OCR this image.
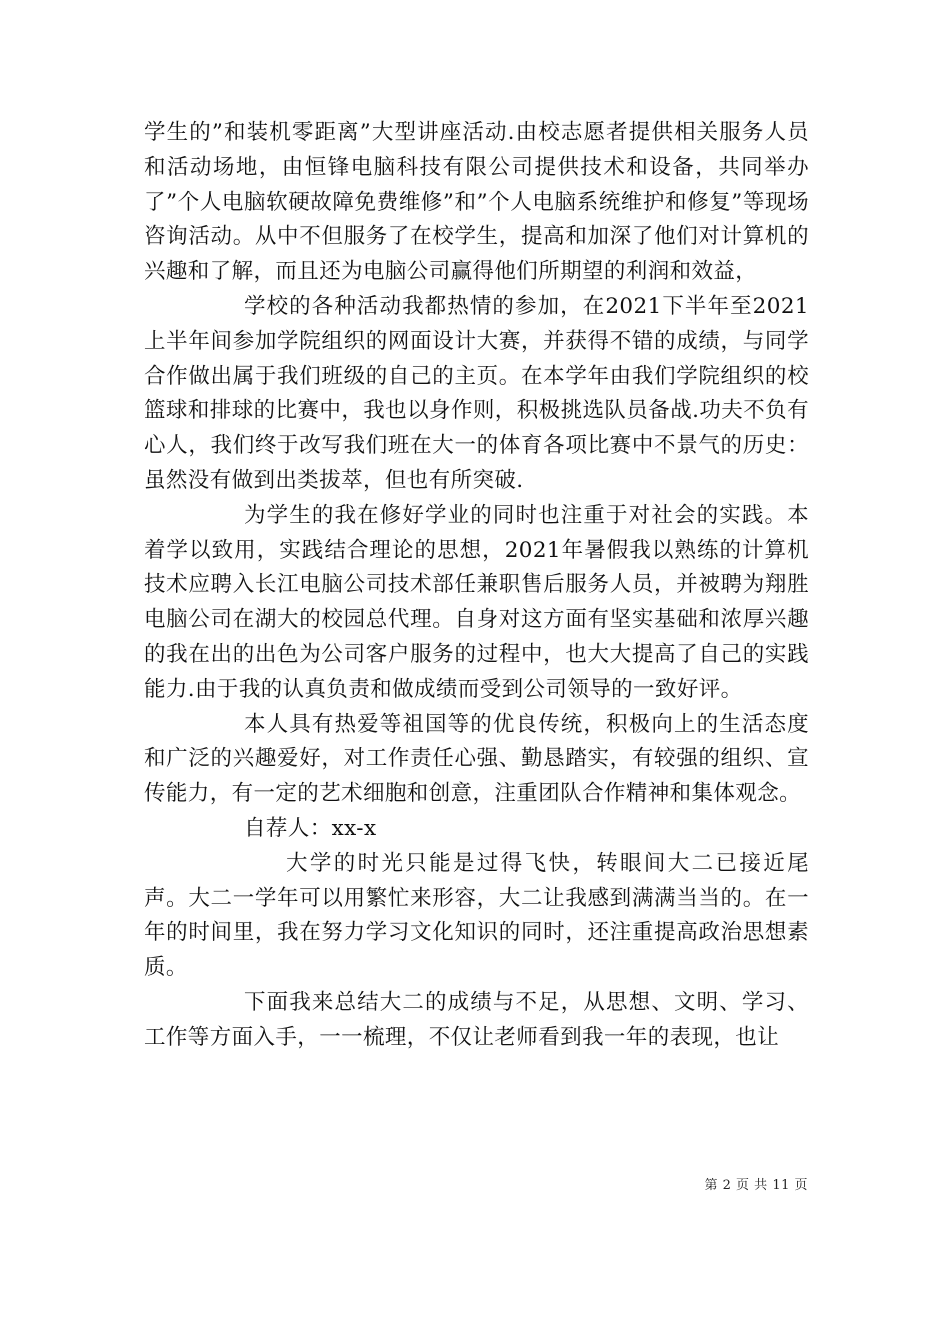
学生的”和装机零距离”大型讲座活动.由校志愿者提供相关服务人员和活动场地，由恒锋电脑科技有限公司提供技术和设备，共同举办了”个人电脑软硬故障免费维修”和”个人电脑系统维护和修复”等现场咨询活动。从中不但服务了在校学生，提高和加深了他们对计算机的兴趣和了解，而且还为电脑公司赢得他们所期望的利润和效益，

学校的各种活动我都热情的参加，在2021下半年至2021上半年间参加学院组织的网面设计大赛，并获得不错的成绩，与同学合作做出属于我们班级的自己的主页。在本学年由我们学院组织的校篮球和排球的比赛中，我也以身作则，积极挑选队员备战.功夫不负有心人，我们终于改写我们班在大一的体育各项比赛中不景气的历史：虽然没有做到出类拔萃，但也有所突破.

为学生的我在修好学业的同时也注重于对社会的实践。本着学以致用，实践结合理论的思想，2021年暑假我以熟练的计算机技术应聘入长江电脑公司技术部任兼职售后服务人员，并被聘为翔胜电脑公司在湖大的校园总代理。自身对这方面有坚实基础和浓厚兴趣的我在出的出色为公司客户服务的过程中，也大大提高了自己的实践能力.由于我的认真负责和做成绩而受到公司领导的一致好评。

本人具有热爱等祖国等的优良传统，积极向上的生活态度和广泛的兴趣爱好，对工作责任心强、勤恳踏实，有较强的组织、宣传能力，有一定的艺术细胞和创意，注重团队合作精神和集体观念。

自荐人：xx-x

大学的时光只能是过得飞快，转眼间大二已接近尾声。大二一学年可以用繁忙来形容，大二让我感到满满当当的。在一年的时间里，我在努力学习文化知识的同时，还注重提高政治思想素质。

下面我来总结大二的成绩与不足，从思想、文明、学习、工作等方面入手，一一梳理，不仅让老师看到我一年的表现，也让

第 2 页 共 11 页
